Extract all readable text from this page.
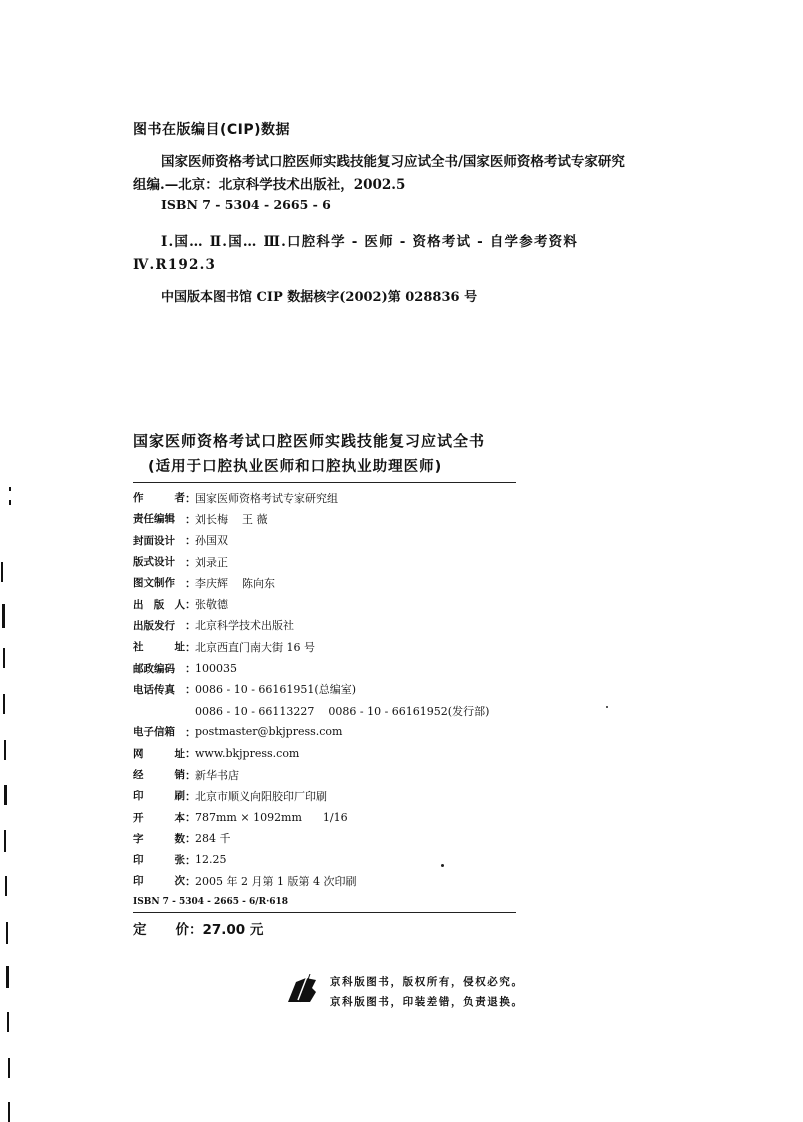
图书在版编目(CIP)数据
国家医师资格考试口腔医师实践技能复习应试全书/国家医师资格考试专家研究组编.—北京：北京科学技术出版社，2002.5
ISBN 7 - 5304 - 2665 - 6
Ⅰ.国… Ⅱ.国… Ⅲ.口腔科学 - 医师 - 资格考试 - 自学参考资料 Ⅳ.R192.3
中国版本图书馆 CIP 数据核字(2002)第 028836 号
国家医师资格考试口腔医师实践技能复习应试全书
(适用于口腔执业医师和口腔执业助理医师)
作	者 ： 国家医师资格考试专家研究组
责任编辑 ： 刘长梅    王 薇
封面设计 ： 孙国双
版式设计 ： 刘录正
图文制作 ： 李庆辉    陈向东
出 版 人 ： 张敬德
出版发行 ： 北京科学技术出版社
社	址 ： 北京西直门南大街 16 号
邮政编码 ： 100035
电话传真 ： 0086 - 10 - 66161951(总编室)
0086 - 10 - 66113227    0086 - 10 - 66161952(发行部)
电子信箱 ： postmaster@bkjpress.com
网	址 ： www.bkjpress.com
经	销 ： 新华书店
印	刷 ： 北京市顺义向阳胶印厂印刷
开	本 ： 787mm × 1092mm      1/16
字	数 ： 284 千
印	张 ： 12.25
印	次 ： 2005 年 2 月第 1 版第 4 次印刷
ISBN 7 - 5304 - 2665 - 6/R·618
定 价 ： 27.00 元
京科版图书，版权所有，侵权必究。
京科版图书，印装差错，负责退换。
